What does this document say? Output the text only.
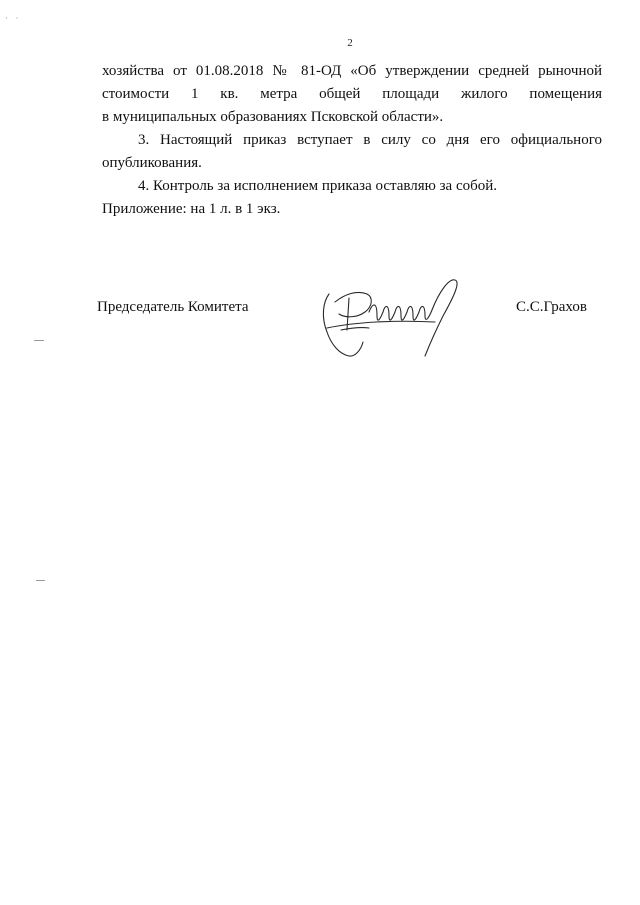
· ·
2
хозяйства от 01.08.2018 № 81-ОД «Об утверждении средней рыночной
стоимости 1 кв. метра общей площади жилого помещения
в муниципальных образованиях Псковской области».
3. Настоящий приказ вступает в силу со дня его официального
опубликования.
4. Контроль за исполнением приказа оставляю за собой.
Приложение: на 1 л. в 1 экз.
Председатель Комитета	С.С.Грахов
